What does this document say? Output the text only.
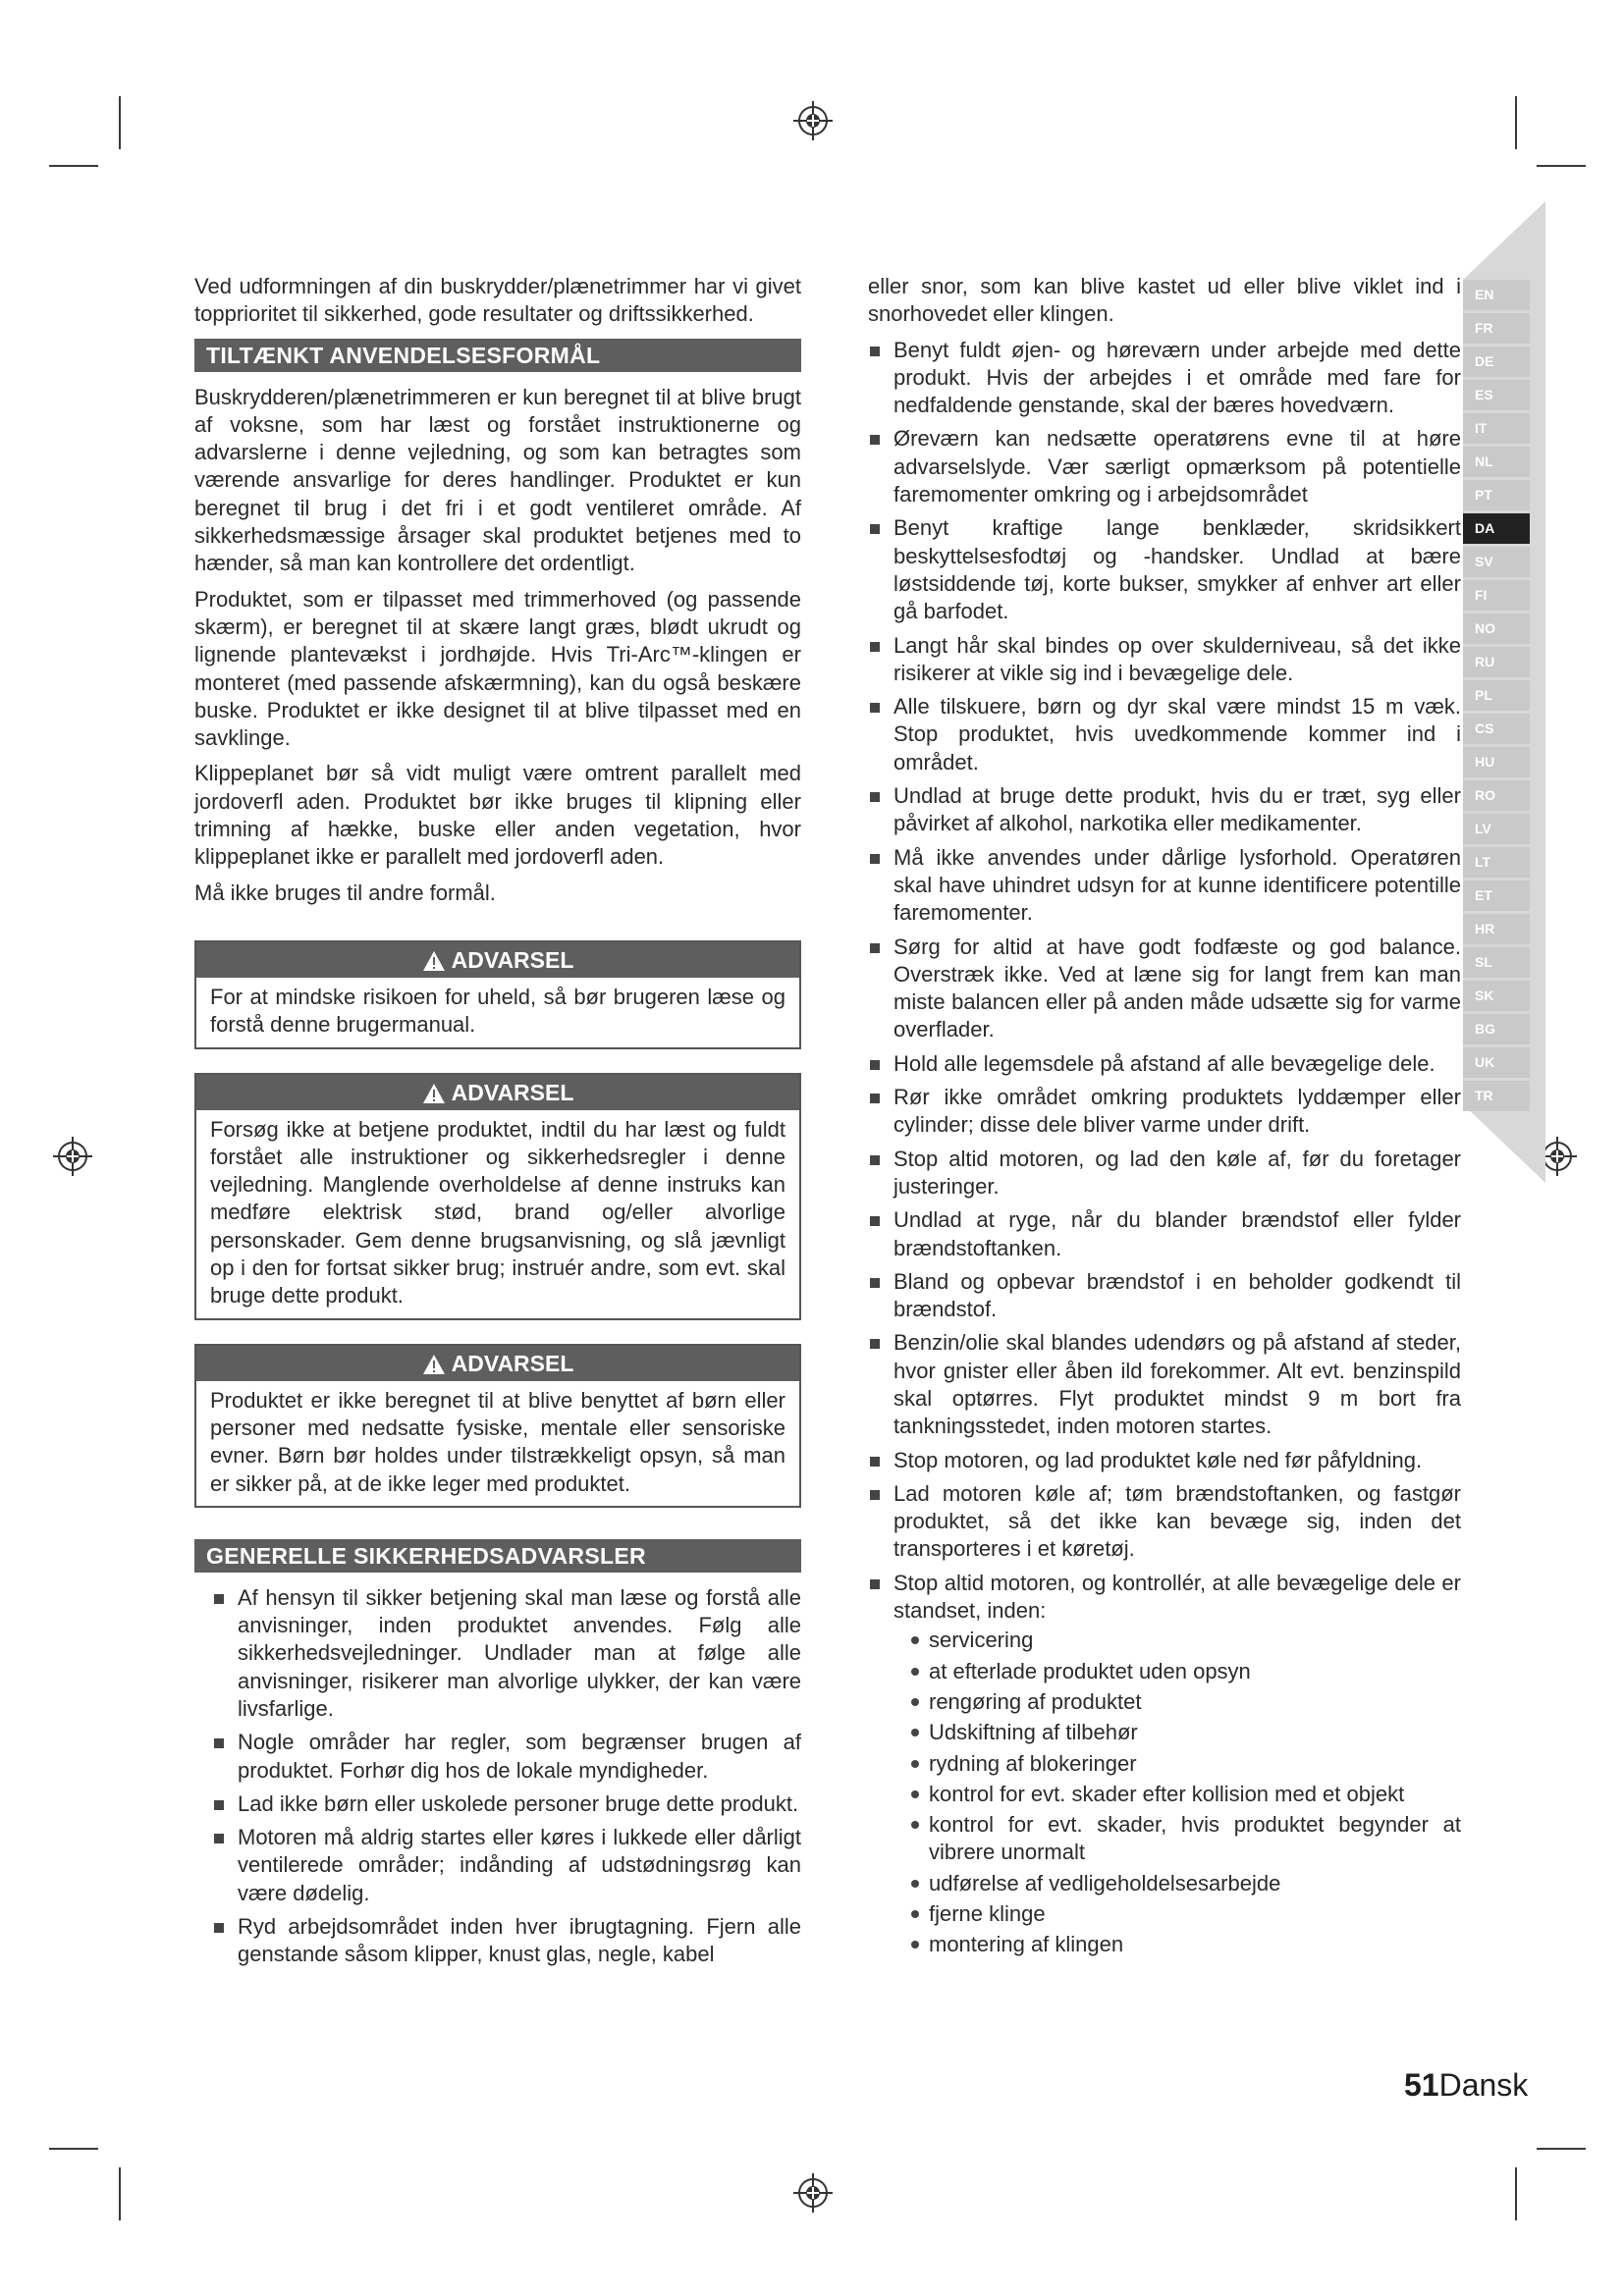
EN
FR
DE
ES
IT
NL
PT
DA
SV
FI
NO
RU
PL
CS
HU
RO
LV
LT
ET
HR
SL
SK
BG
UK
TR

Ved udformningen af din buskrydder/plænetrimmer har vi givet topprioritet til sikkerhed, gode resultater og driftssikkerhed.

TILTÆNKT ANVENDELSESFORMÅL

Buskrydderen/plænetrimmeren er kun beregnet til at blive brugt af voksne, som har læst og forstået instruktionerne og advarslerne i denne vejledning, og som kan betragtes som værende ansvarlige for deres handlinger. Produktet er kun beregnet til brug i det fri i et godt ventileret område. Af sikkerhedsmæssige årsager skal produktet betjenes med to hænder, så man kan kontrollere det ordentligt.

Produktet, som er tilpasset med trimmerhoved (og passende skærm), er beregnet til at skære langt græs, blødt ukrudt og lignende plantevækst i jordhøjde. Hvis Tri-Arc™-klingen er monteret (med passende afskærmning), kan du også beskære buske. Produktet er ikke designet til at blive tilpasset med en savklinge.

Klippeplanet bør så vidt muligt være omtrent parallelt med jordoverfl aden. Produktet bør ikke bruges til klipning eller trimning af hække, buske eller anden vegetation, hvor klippeplanet ikke er parallelt med jordoverfl aden.

Må ikke bruges til andre formål.

ADVARSEL
For at mindske risikoen for uheld, så bør brugeren læse og forstå denne brugermanual.
ADVARSEL
Forsøg ikke at betjene produktet, indtil du har læst og fuldt forstået alle instruktioner og sikkerhedsregler i denne vejledning. Manglende overholdelse af denne instruks kan medføre elektrisk stød, brand og/eller alvorlige personskader. Gem denne brugsanvisning, og slå jævnligt op i den for fortsat sikker brug; instruér andre, som evt. skal bruge dette produkt.
ADVARSEL
Produktet er ikke beregnet til at blive benyttet af børn eller personer med nedsatte fysiske, mentale eller sensoriske evner. Børn bør holdes under tilstrækkeligt opsyn, så man er sikker på, at de ikke leger med produktet.
GENERELLE SIKKERHEDSADVARSLER
Af hensyn til sikker betjening skal man læse og forstå alle anvisninger, inden produktet anvendes. Følg alle sikkerhedsvejledninger. Undlader man at følge alle anvisninger, risikerer man alvorlige ulykker, der kan være livsfarlige.
Nogle områder har regler, som begrænser brugen af produktet. Forhør dig hos de lokale myndigheder.
Lad ikke børn eller uskolede personer bruge dette produkt.
Motoren må aldrig startes eller køres i lukkede eller dårligt ventilerede områder; indånding af udstødningsrøg kan være dødelig.
Ryd arbejdsområdet inden hver ibrugtagning. Fjern alle genstande såsom klipper, knust glas, negle, kabel

eller snor, som kan blive kastet ud eller blive viklet ind i snorhovedet eller klingen.

Benyt fuldt øjen- og høreværn under arbejde med dette produkt. Hvis der arbejdes i et område med fare for nedfaldende genstande, skal der bæres hovedværn.
Øreværn kan nedsætte operatørens evne til at høre advarselslyde. Vær særligt opmærksom på potentielle faremomenter omkring og i arbejdsområdet
Benyt kraftige lange benklæder, skridsikkert beskyttelsesfodtøj og -handsker. Undlad at bære løstsiddende tøj, korte bukser, smykker af enhver art eller gå barfodet.
Langt hår skal bindes op over skulderniveau, så det ikke risikerer at vikle sig ind i bevægelige dele.
Alle tilskuere, børn og dyr skal være mindst 15 m væk. Stop produktet, hvis uvedkommende kommer ind i området.
Undlad at bruge dette produkt, hvis du er træt, syg eller påvirket af alkohol, narkotika eller medikamenter.
Må ikke anvendes under dårlige lysforhold. Operatøren skal have uhindret udsyn for at kunne identificere potentille faremomenter.
Sørg for altid at have godt fodfæste og god balance. Overstræk ikke. Ved at læne sig for langt frem kan man miste balancen eller på anden måde udsætte sig for varme overflader.
Hold alle legemsdele på afstand af alle bevægelige dele.
Rør ikke området omkring produktets lyddæmper eller cylinder; disse dele bliver varme under drift.
Stop altid motoren, og lad den køle af, før du foretager justeringer.
Undlad at ryge, når du blander brændstof eller fylder brændstoftanken.
Bland og opbevar brændstof i en beholder godkendt til brændstof.
Benzin/olie skal blandes udendørs og på afstand af steder, hvor gnister eller åben ild forekommer. Alt evt. benzinspild skal optørres. Flyt produktet mindst 9 m bort fra tankningsstedet, inden motoren startes.
Stop motoren, og lad produktet køle ned før påfyldning.
Lad motoren køle af; tøm brændstoftanken, og fastgør produktet, så det ikke kan bevæge sig, inden det transporteres i et køretøj.
Stop altid motoren, og kontrollér, at alle bevægelige dele er standset, inden:
servicering
at efterlade produktet uden opsyn
rengøring af produktet
Udskiftning af tilbehør
rydning af blokeringer
kontrol for evt. skader efter kollision med et objekt
kontrol for evt. skader, hvis produktet begynder at vibrere unormalt
udførelse af vedligeholdelsesarbejde
fjerne klinge
montering af klingen
51Dansk
